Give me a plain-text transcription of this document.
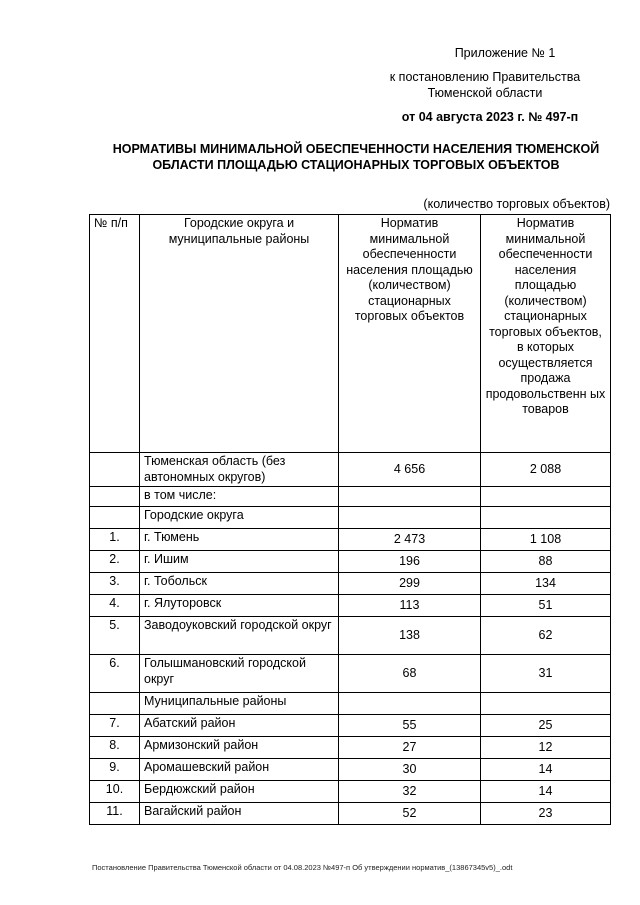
Приложение № 1
к постановлению Правительства
Тюменской области
от 04 августа 2023 г. № 497-п
НОРМАТИВЫ МИНИМАЛЬНОЙ ОБЕСПЕЧЕННОСТИ НАСЕЛЕНИЯ ТЮМЕНСКОЙ ОБЛАСТИ ПЛОЩАДЬЮ СТАЦИОНАРНЫХ ТОРГОВЫХ ОБЪЕКТОВ
(количество торговых объектов)
№ п/п	Городские округа и муниципальные районы	Норматив минимальной обеспеченности населения площадью (количеством) стационарных торговых объектов	Норматив минимальной обеспеченности населения площадью (количеством) стационарных торговых объектов, в которых осуществляется продажа продовольственн ых товаров
	Тюменская область (без автономных округов)	4 656	2 088
	в том числе:		
	Городские округа		
1.	г. Тюмень	2 473	1 108
2.	г. Ишим	196	88
3.	г. Тобольск	299	134
4.	г. Ялуторовск	113	51
5.	Заводоуковский городской округ	138	62
6.	Голышмановский городской округ	68	31
	Муниципальные районы		
7.	Абатский район	55	25
8.	Армизонский район	27	12
9.	Аромашевский район	30	14
10.	Бердюжский район	32	14
11.	Вагайский район	52	23
Постановление Правительства Тюменской области от 04.08.2023 №497-п Об утверждении норматив_(13867345v5)_.odt
